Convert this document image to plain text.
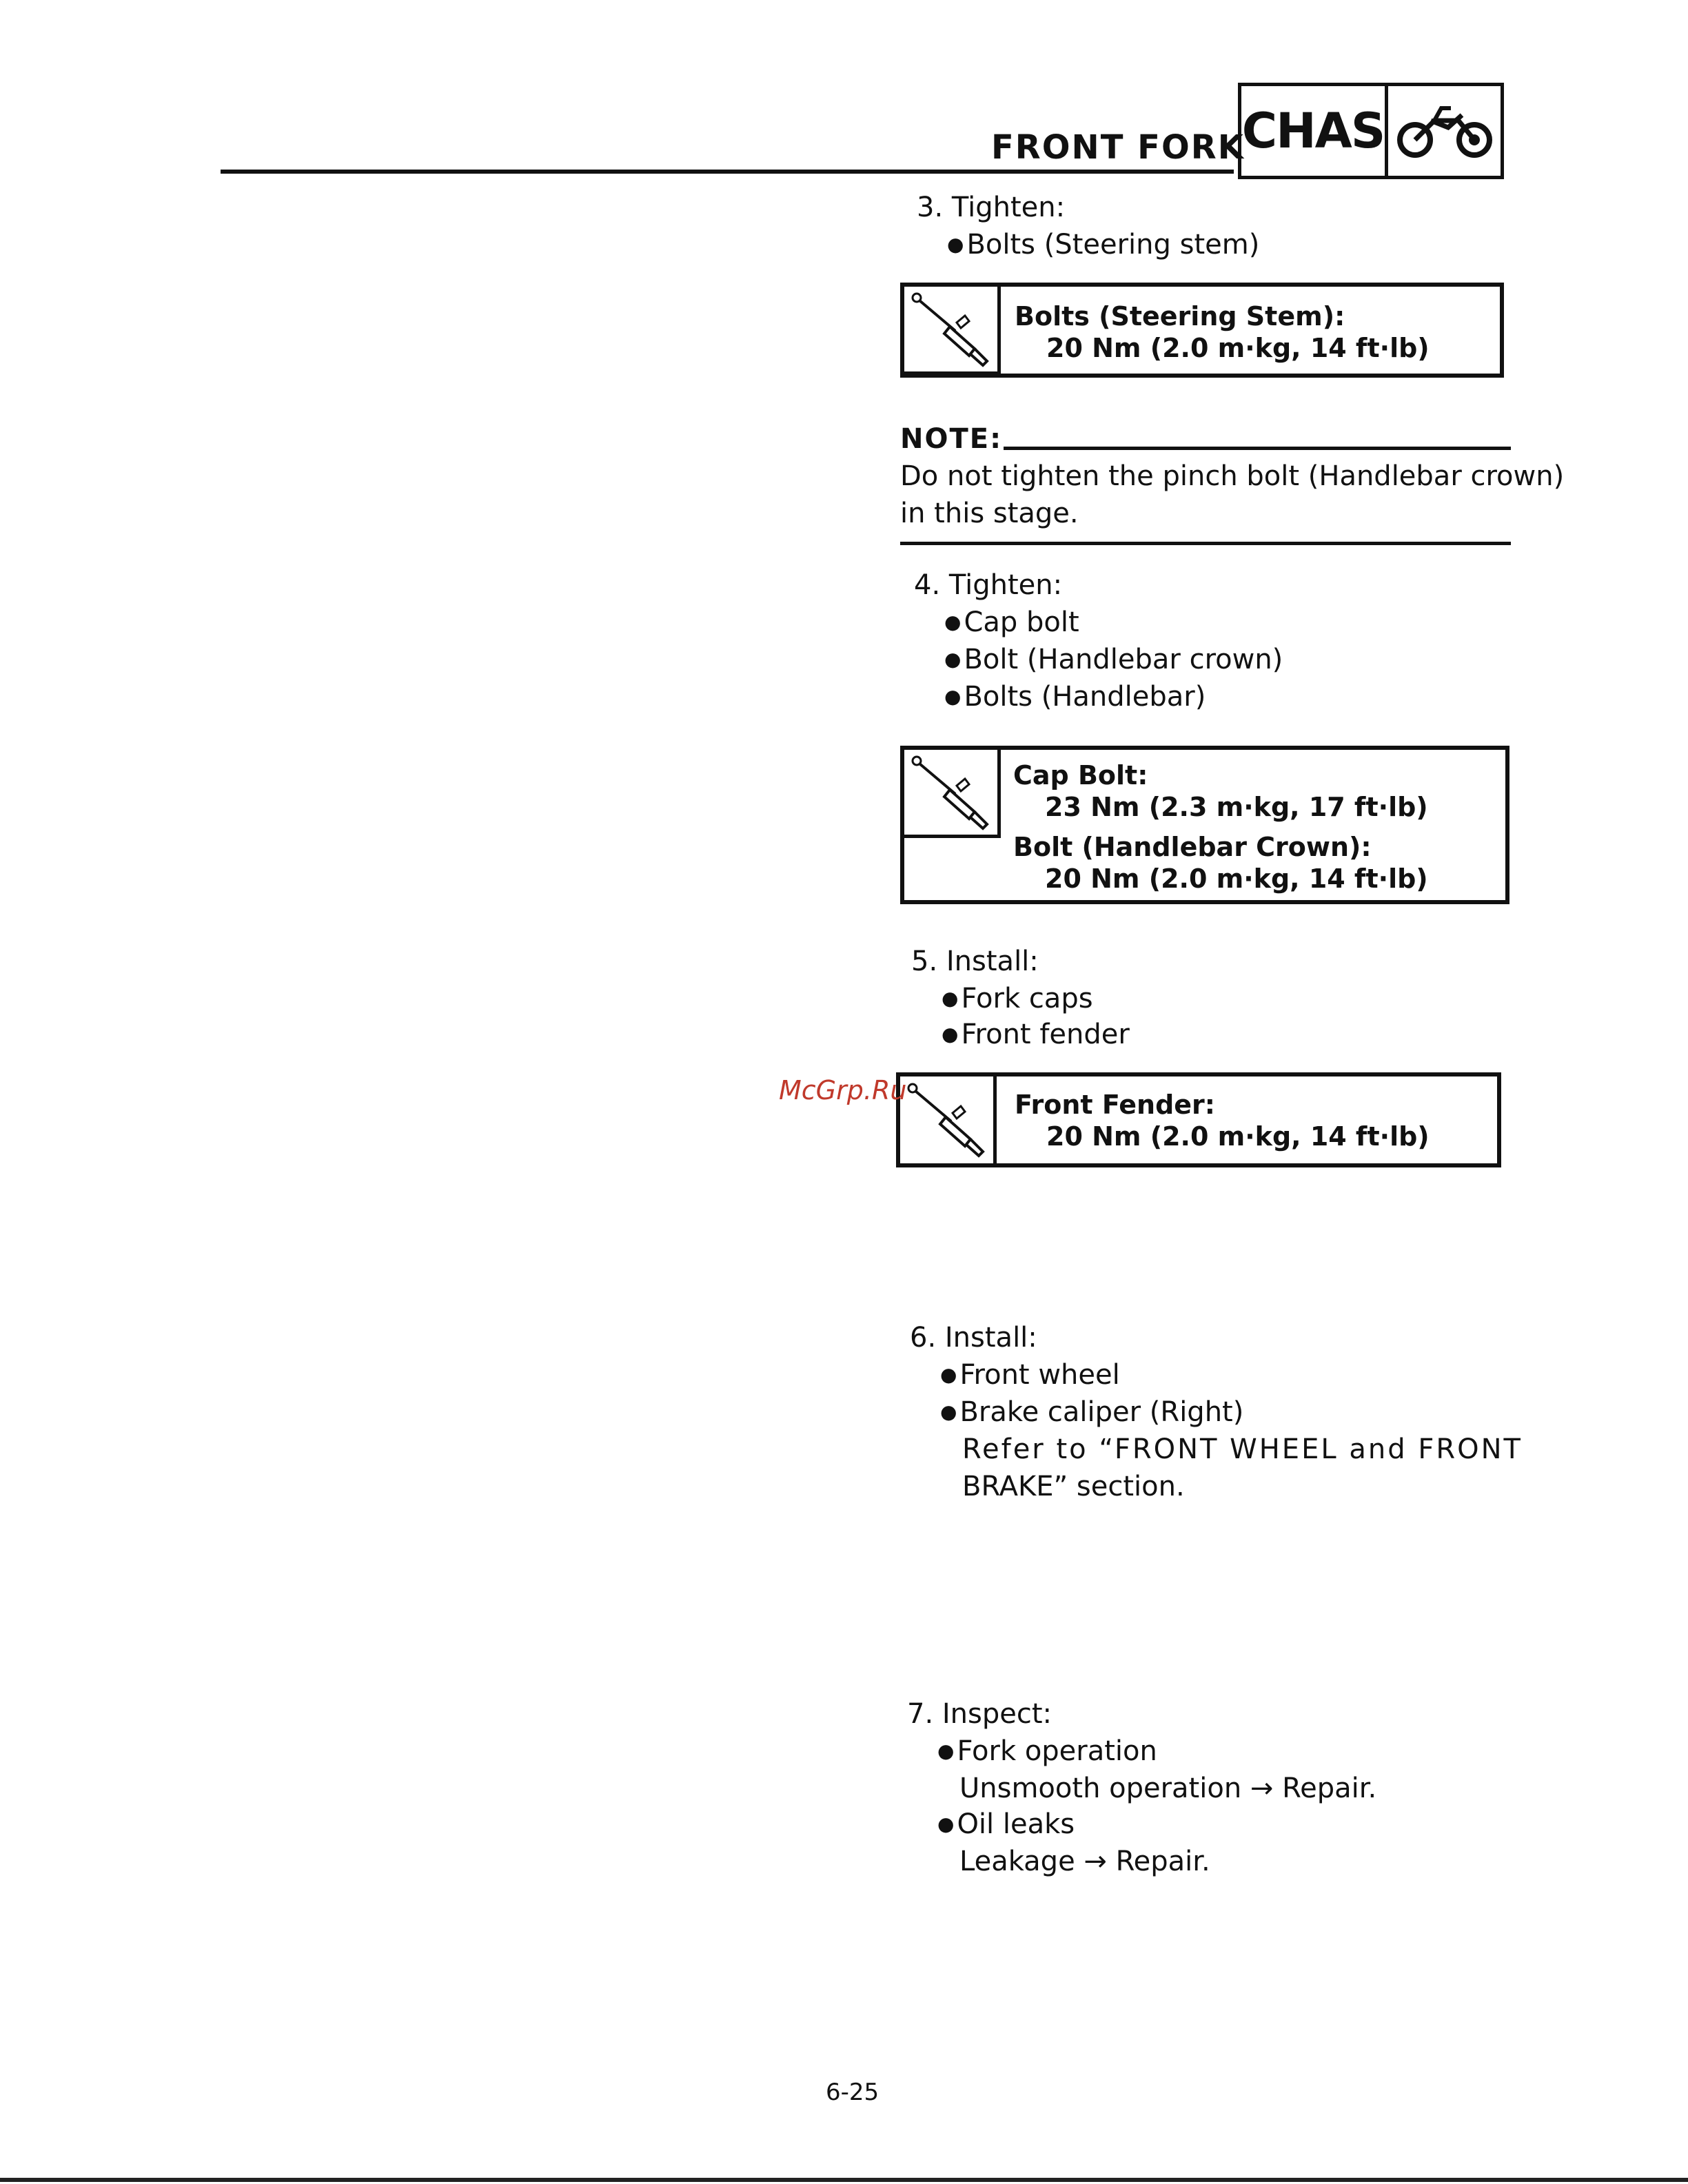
FRONT FORK
CHAS
3. Tighten:
● Bolts (Steering stem)
Bolts (Steering Stem):
20 Nm (2.0 m·kg, 14 ft·lb)
NOTE:
Do not tighten the pinch bolt (Handlebar crown)
in this stage.
4. Tighten:
● Cap bolt
● Bolt (Handlebar crown)
● Bolts (Handlebar)
Cap Bolt:
23 Nm (2.3 m·kg, 17 ft·lb)
Bolt (Handlebar Crown):
20 Nm (2.0 m·kg, 14 ft·lb)
5. Install:
● Fork caps
● Front fender
Front Fender:
20 Nm (2.0 m·kg, 14 ft·lb)
McGrp.Ru
6. Install:
● Front wheel
● Brake caliper (Right)
Refer to “FRONT WHEEL and FRONT
BRAKE” section.
7. Inspect:
● Fork operation
Unsmooth operation → Repair.
● Oil leaks
Leakage → Repair.
6-25
